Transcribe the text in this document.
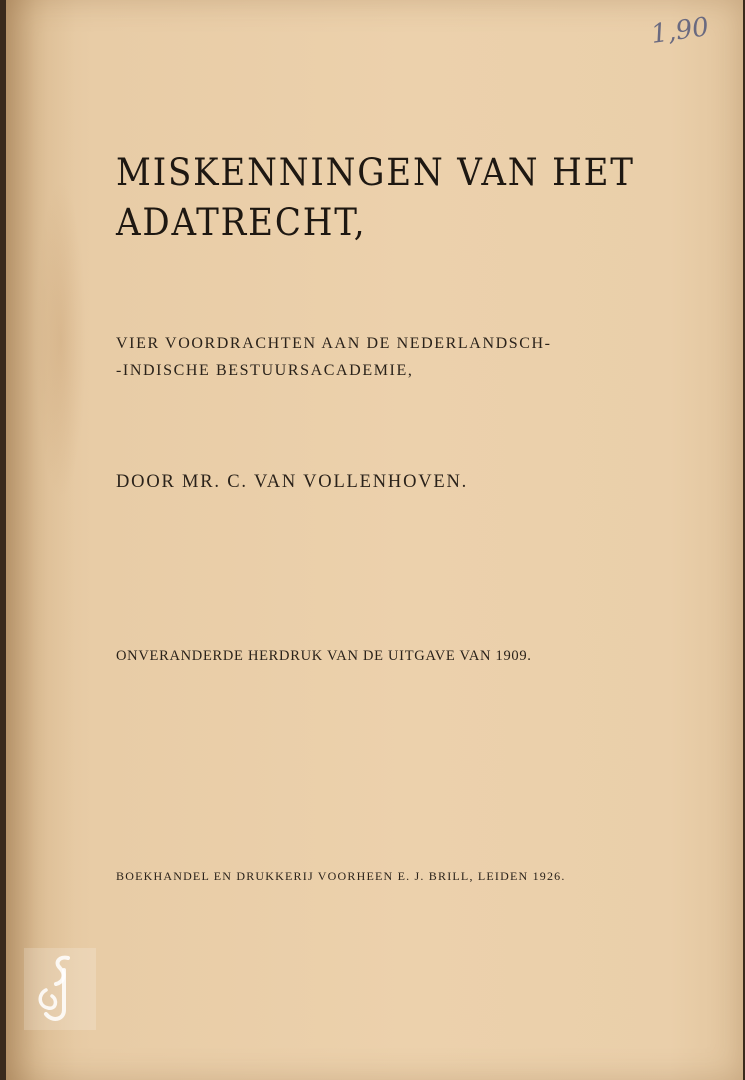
1,90

MISKENNINGEN VAN HET
ADATRECHT,

VIER VOORDRACHTEN AAN DE NEDERLANDSCH-
-INDISCHE BESTUURSACADEMIE,

DOOR MR. C. VAN VOLLENHOVEN.

ONVERANDERDE HERDRUK VAN DE UITGAVE VAN 1909.

BOEKHANDEL EN DRUKKERIJ VOORHEEN E. J. BRILL, LEIDEN 1926.
